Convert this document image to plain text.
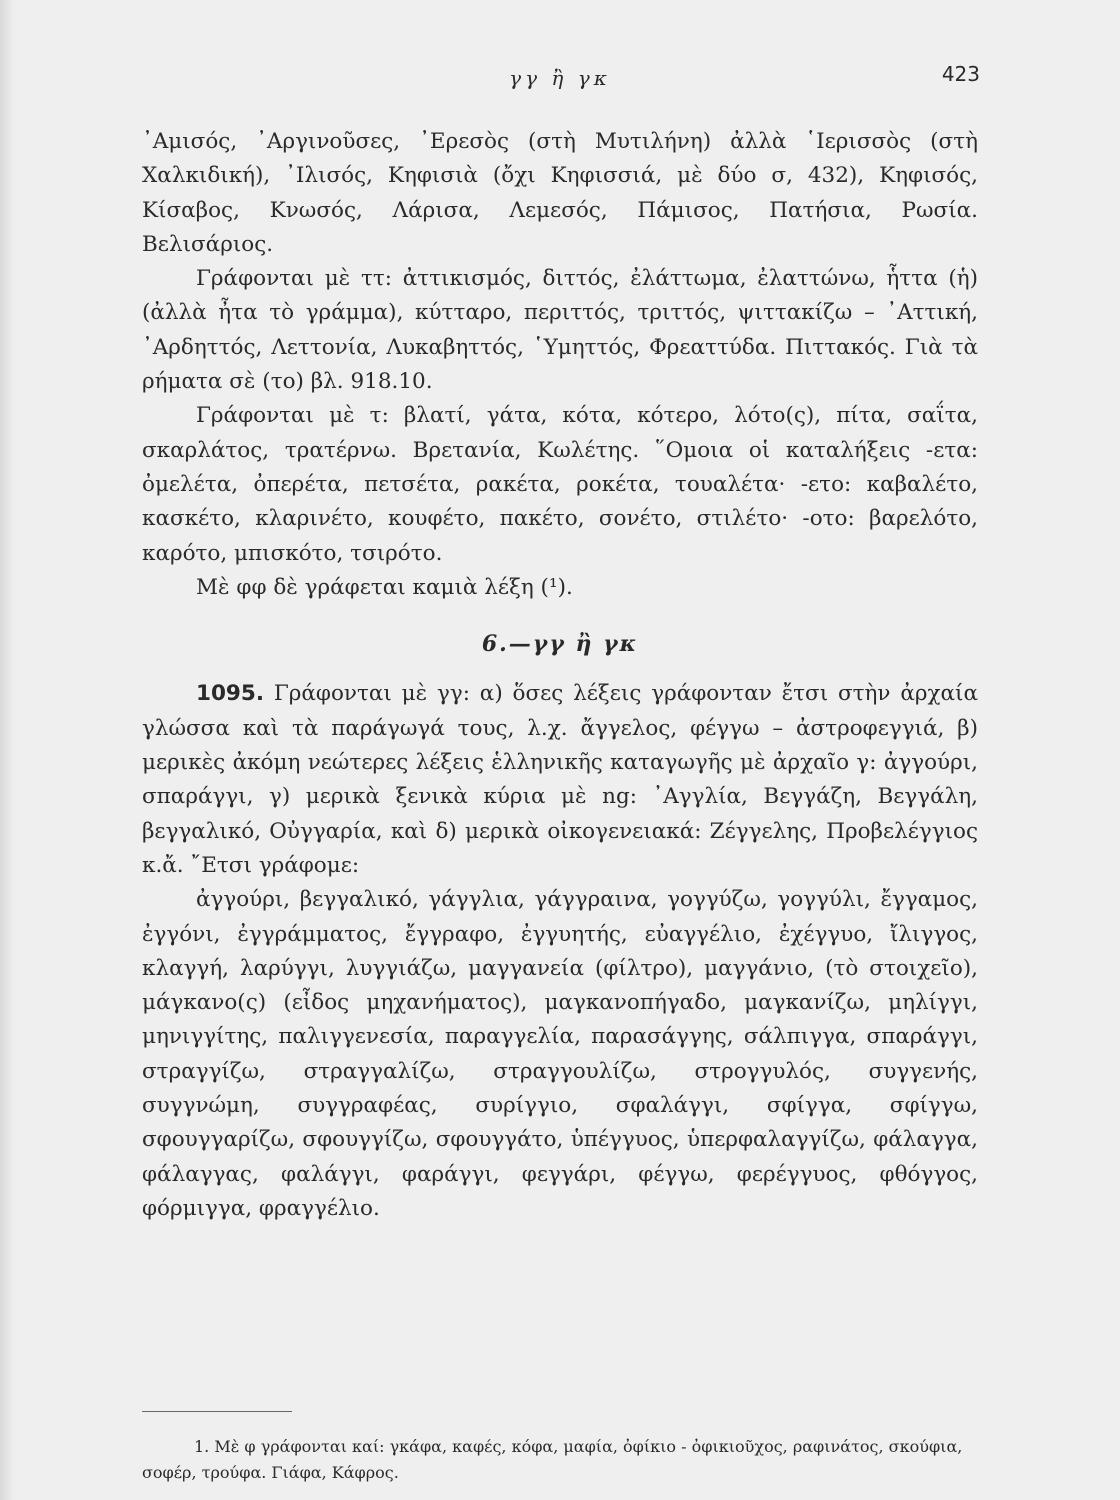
γγ ἢ γκ	423

᾿Αμισός, ᾿Αργινοῦσες, ᾿Ερεσὸς (στὴ Μυτιλήνη) ἀλλὰ ῾Ιερισσὸς (στὴ Χαλκιδική), ᾿Ιλισός, Κηφισιὰ (ὄχι Κηφισσιά, μὲ δύο σ, 432), Κηφισός, Κίσαβος, Κνωσός, Λάρισα, Λεμεσός, Πάμισος, Πατήσια, Ρωσία. Βελισάριος.

Γράφονται μὲ ττ: ἀττικισμός, διττός, ἐλάττωμα, ἐλαττώνω, ἧττα (ἡ) (ἀλλὰ ἦτα τὸ γράμμα), κύτταρο, περιττός, τριττός, ψιττακίζω – ᾿Αττική, ᾿Αρδηττός, Λεττονία, Λυκαβηττός, ῾Υμηττός, Φρεαττύδα. Πιττακός. Γιὰ τὰ ρήματα σὲ (το) βλ. 918.10.

Γράφονται μὲ τ: βλατί, γάτα, κότα, κότερο, λότο(ς), πίτα, σαΐτα, σκαρλάτος, τρατέρνω. Βρετανία, Κωλέτης. ῞Ομοια οἱ καταλήξεις -ετα: ὀμελέτα, ὀπερέτα, πετσέτα, ρακέτα, ροκέτα, τουαλέτα· -ετο: καβαλέτο, κασκέτο, κλαρινέτο, κουφέτο, πακέτο, σονέτο, στιλέτο· -οτο: βαρελότο, καρότο, μπισκότο, τσιρότο.

Μὲ φφ δὲ γράφεται καμιὰ λέξη (¹).

6.—γγ ἢ γκ

1095. Γράφονται μὲ γγ: α) ὅσες λέξεις γράφονταν ἔτσι στὴν ἀρχαία γλώσσα καὶ τὰ παράγωγά τους, λ.χ. ἄγγελος, φέγγω – ἀστροφεγγιά, β) μερικὲς ἀκόμη νεώτερες λέξεις ἑλληνικῆς καταγωγῆς μὲ ἀρχαῖο γ: ἀγγούρι, σπαράγγι, γ) μερικὰ ξενικὰ κύρια μὲ ng: ᾿Αγγλία, Βεγγάζη, Βεγγάλη, βεγγαλικό, Οὐγγαρία, καὶ δ) μερικὰ οἰκογενειακά: Ζέγγελης, Προβελέγγιος κ.ἄ. ῎Ετσι γράφομε:

ἀγγούρι, βεγγαλικό, γάγγλια, γάγγραινα, γογγύζω, γογγύλι, ἔγγαμος, ἐγγόνι, ἐγγράμματος, ἔγγραφο, ἐγγυητής, εὐαγγέλιο, ἐχέγγυο, ἴλιγγος, κλαγγή, λαρύγγι, λυγγιάζω, μαγγανεία (φίλτρο), μαγγάνιο, (τὸ στοιχεῖο), μάγκανο(ς) (εἶδος μηχανήματος), μαγκανοπήγαδο, μαγκανίζω, μηλίγγι, μηνιγγίτης, παλιγγενεσία, παραγγελία, παρασάγγης, σάλπιγγα, σπαράγγι, στραγγίζω, στραγγαλίζω, στραγγουλίζω, στρογγυλός, συγγενής, συγγνώμη, συγγραφέας, συρίγγιο, σφαλάγγι, σφίγγα, σφίγγω, σφουγγαρίζω, σφουγγίζω, σφουγγάτο, ὑπέγγυος, ὑπερφαλαγγίζω, φάλαγγα, φάλαγγας, φαλάγγι, φαράγγι, φεγγάρι, φέγγω, φερέγγυος, φθόγγος, φόρμιγγα, φραγγέλιο.

1. Μὲ φ γράφονται καί: γκάφα, καφές, κόφα, μαφία, ὀφίκιο - ὀφικιοῦχος, ραφινάτος, σκούφια, σοφέρ, τρούφα. Γιάφα, Κάφρος.
